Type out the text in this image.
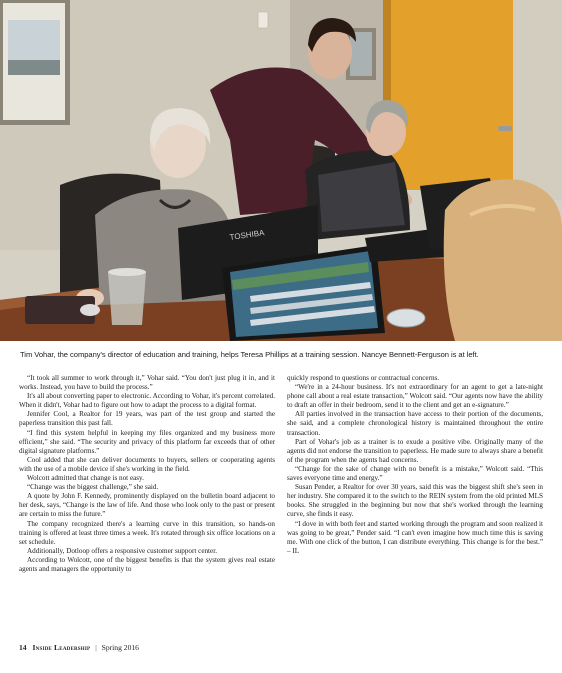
TOSHIBA
Tim Vohar, the company's director of education and training, helps Teresa Phillips at a training session. Nancye Bennett-Ferguson is at left.

“It took all summer to work through it,” Vohar said. “You don't just plug it in, and it works. Instead, you have to build the process.”

It's all about converting paper to electronic. According to Vohar, it's percent correlated. When it didn't, Vohar had to figure out how to adapt the process to a digital format.

Jennifer Cool, a Realtor for 19 years, was part of the test group and started the paperless transition this past fall.

“I find this system helpful in keeping my files organized and my business more efficient,” she said. “The security and privacy of this platform far exceeds that of other digital signature platforms.”

Cool added that she can deliver documents to buyers, sellers or cooperating agents with the use of a mobile device if she's working in the field.

Wolcott admitted that change is not easy.

“Change was the biggest challenge,” she said.

A quote by John F. Kennedy, prominently displayed on the bulletin board adjacent to her desk, says, “Change is the law of life. And those who look only to the past or present are certain to miss the future.”

The company recognized there's a learning curve in this transition, so hands-on training is offered at least three times a week. It's rotated through six office locations on a set schedule.

Additionally, Dotloop offers a responsive customer support center.

According to Wolcott, one of the biggest benefits is that the system gives real estate agents and managers the opportunity to

quickly respond to questions or contractual concerns.

“We're in a 24-hour business. It's not extraordinary for an agent to get a late-night phone call about a real estate transaction,” Wolcott said. “Our agents now have the ability to draft an offer in their bedroom, send it to the client and get an e-signature.”

All parties involved in the transaction have access to their portion of the documents, she said, and a complete chronological history is maintained throughout the entire transaction.

Part of Vohar's job as a trainer is to exude a positive vibe. Originally many of the agents did not endorse the transition to paperless. He made sure to always share a benefit of the program when the agents had concerns.

“Change for the sake of change with no benefit is a mistake,” Wolcott said. “This saves everyone time and energy.”

Susan Pender, a Realtor for over 30 years, said this was the biggest shift she's seen in her industry. She compared it to the switch to the REIN system from the old printed MLS books. She struggled in the beginning but now that she's worked through the learning curve, she finds it easy.

“I dove in with both feet and started working through the program and soon realized it was going to be great,” Pender said. “I can't even imagine how much time this is saving me. With one click of the button, I can distribute everything. This change is for the best.” – IL

14 Inside Leadership | Spring 2016
